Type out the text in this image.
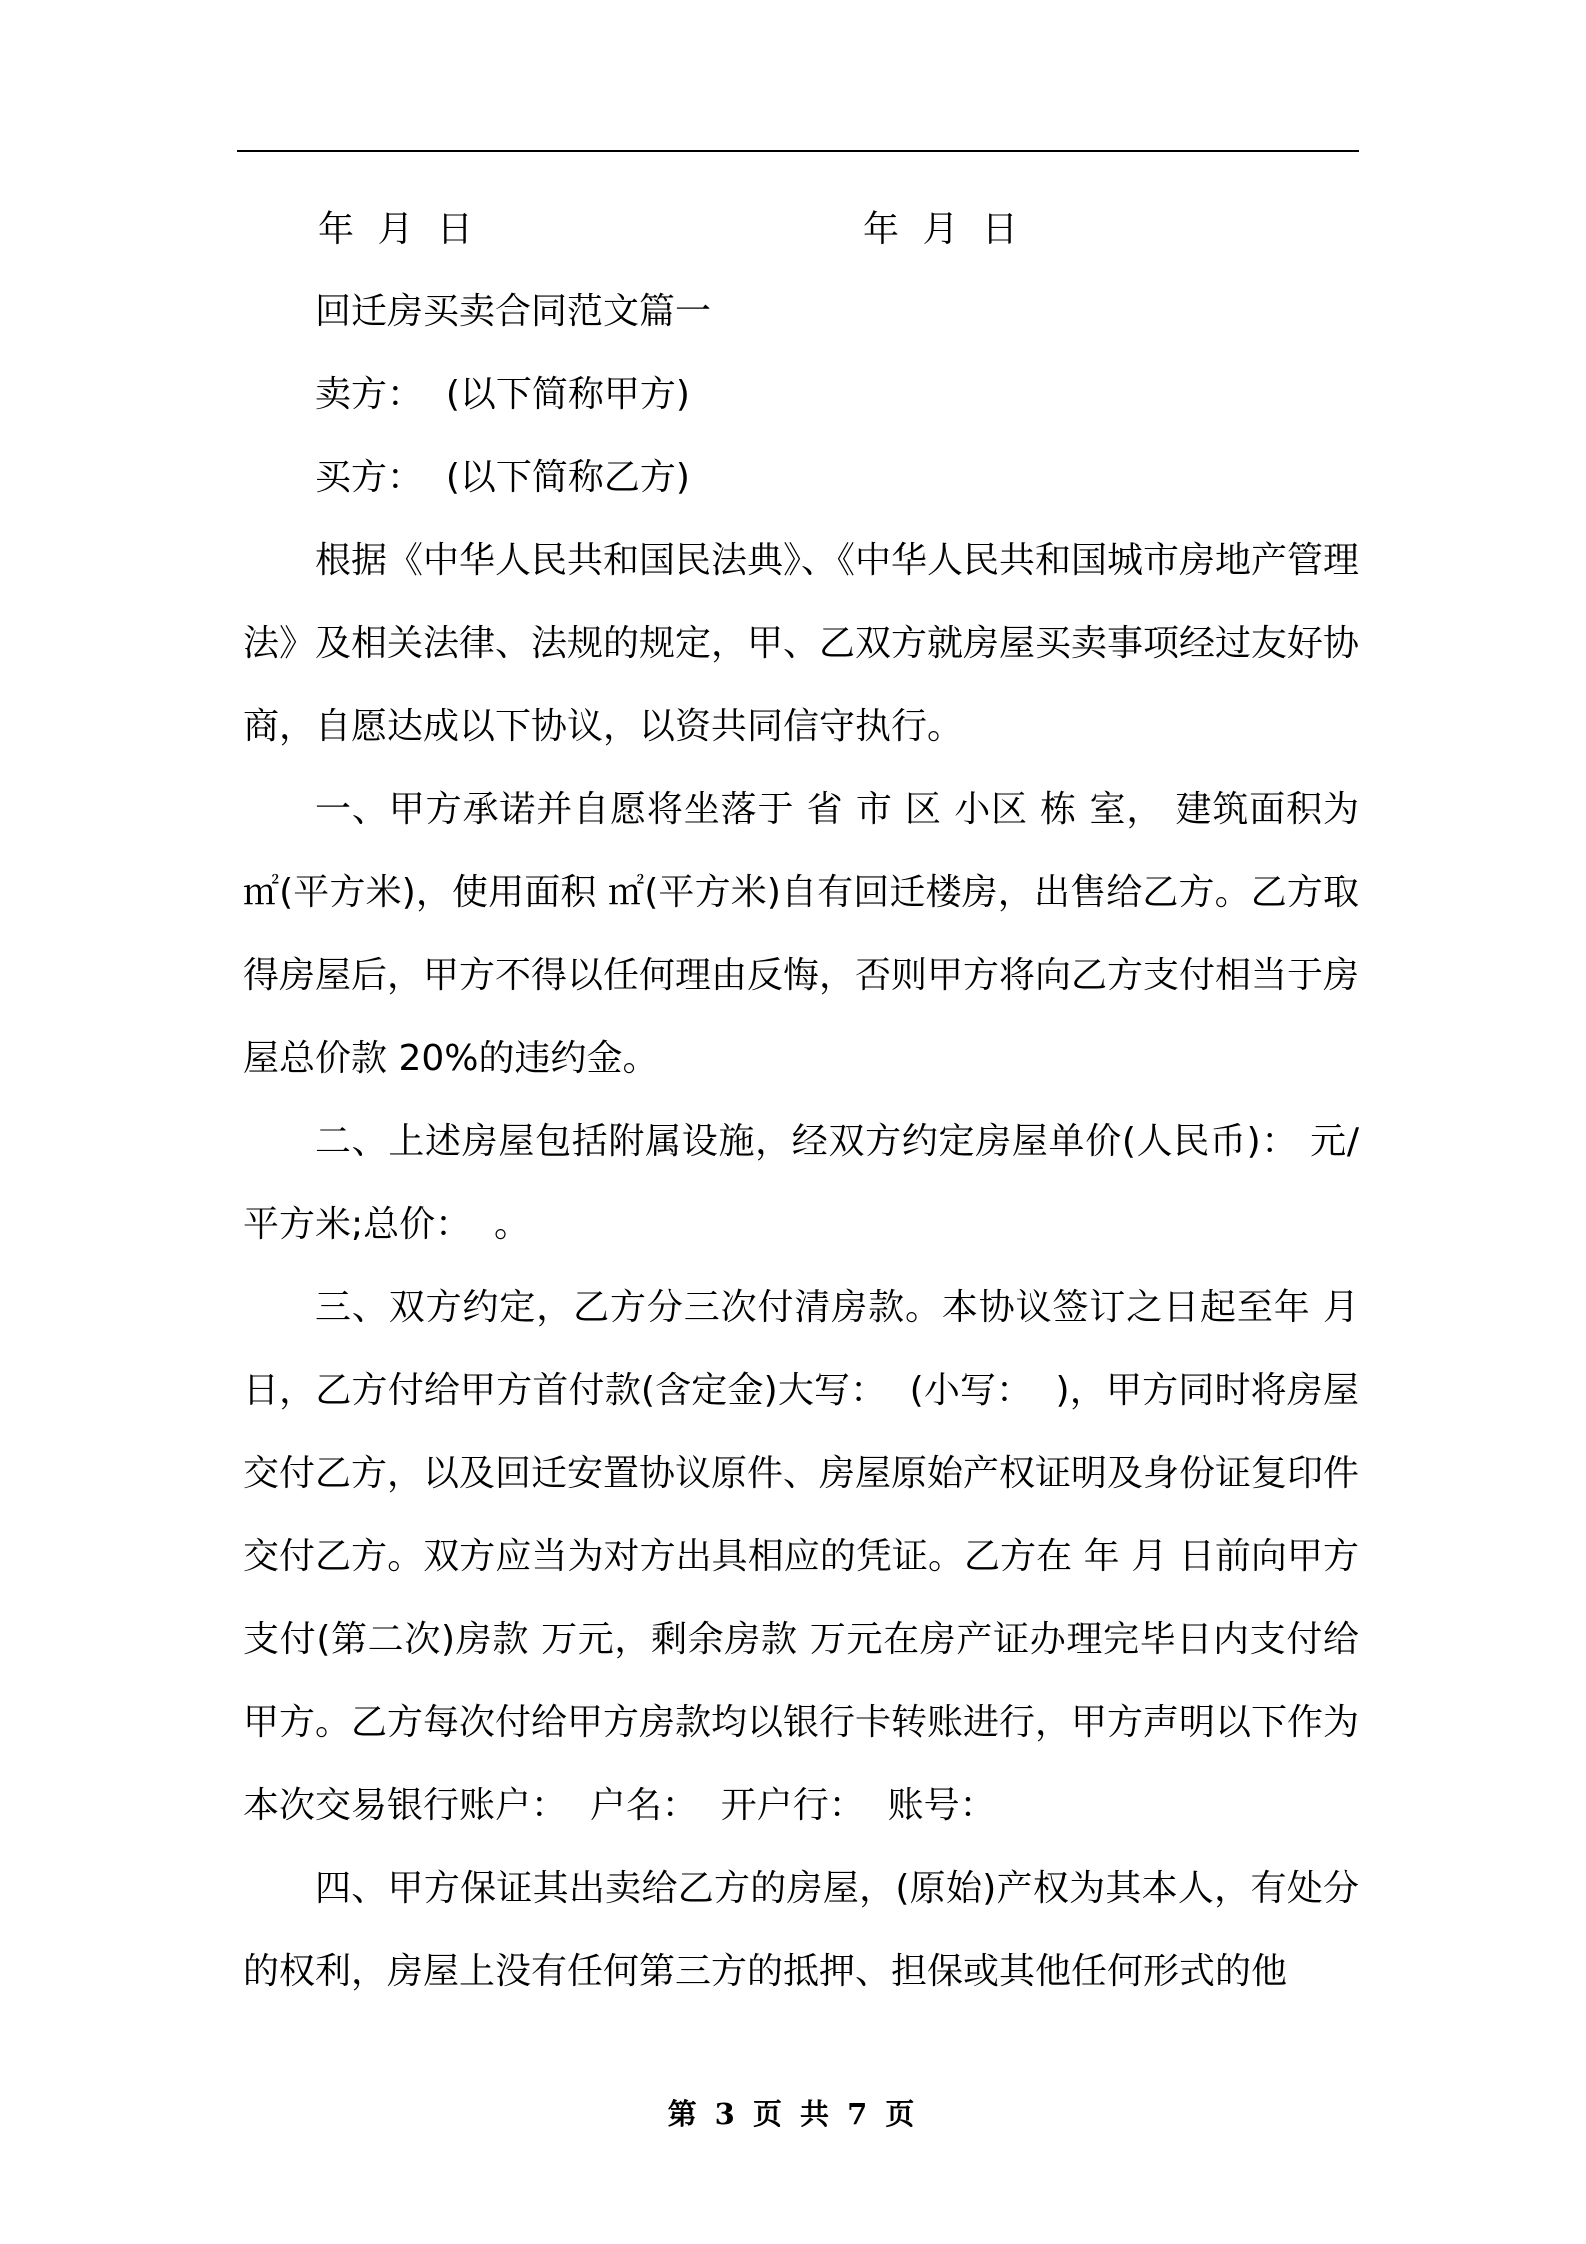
年 月 日	年 月 日

回迁房买卖合同范文篇一

卖方：  (以下简称甲方)

买方：  (以下简称乙方)

根据《中华人民共和国民法典》、《中华人民共和国城市房地产管理法》及相关法律、法规的规定，甲、乙双方就房屋买卖事项经过友好协商，自愿达成以下协议，以资共同信守执行。

一、甲方承诺并自愿将坐落于 省 市 区 小区 栋 室， 建筑面积为 ㎡(平方米)，使用面积 ㎡(平方米)自有回迁楼房，出售给乙方。乙方取得房屋后，甲方不得以任何理由反悔，否则甲方将向乙方支付相当于房屋总价款 20%的违约金。

二、上述房屋包括附属设施，经双方约定房屋单价(人民币)： 元/平方米;总价：  。

三、双方约定，乙方分三次付清房款。本协议签订之日起至年 月日，乙方付给甲方首付款(含定金)大写：  (小写：  )，甲方同时将房屋交付乙方，以及回迁安置协议原件、房屋原始产权证明及身份证复印件交付乙方。双方应当为对方出具相应的凭证。乙方在 年 月 日前向甲方支付(第二次)房款 万元，剩余房款 万元在房产证办理完毕日内支付给甲方。乙方每次付给甲方房款均以银行卡转账进行，甲方声明以下作为本次交易银行账户：  户名：  开户行：  账号：

四、甲方保证其出卖给乙方的房屋，(原始)产权为其本人，有处分的权利，房屋上没有任何第三方的抵押、担保或其他任何形式的他

第 3 页 共 7 页
